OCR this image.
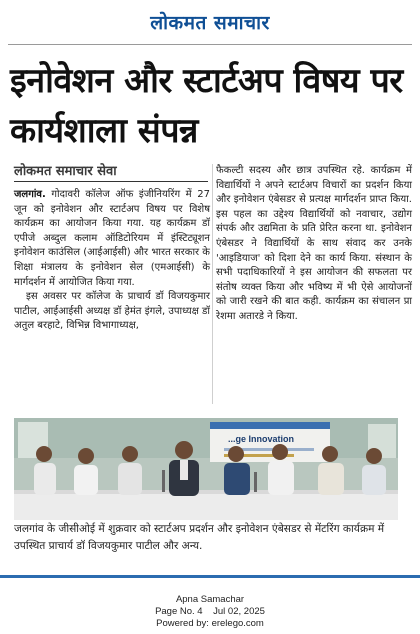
लोकमत समाचार
इनोवेशन और स्टार्टअप विषय पर कार्यशाला संपन्न
लोकमत समाचार सेवा

जलगांव. गोदावरी कॉलेज ऑफ इंजीनियरिंग में 27 जून को इनोवेशन और स्टार्टअप विषय पर विशेष कार्यक्रम का आयोजन किया गया. यह कार्यक्रम डॉ एपीजे अब्दुल कलाम ऑडिटोरियम में इंस्टिट्यूशन इनोवेशन काउंसिल (आईआईसी) और भारत सरकार के शिक्षा मंत्रालय के इनोवेशन सेल (एमआईसी) के मार्गदर्शन में आयोजित किया गया.

इस अवसर पर कॉलेज के प्राचार्य डॉ विजयकुमार पाटील, आईआईसी अध्यक्ष डॉ हेमंत इंगले, उपाध्यक्ष डॉ अतुल बरहाटे, विभिन्न विभागाध्यक्ष,

फैकल्टी सदस्य और छात्र उपस्थित रहे. कार्यक्रम में विद्यार्थियों ने अपने स्टार्टअप विचारों का प्रदर्शन किया और इनोवेशन एंबेसडर से प्रत्यक्ष मार्गदर्शन प्राप्त किया. इस पहल का उद्देश्य विद्यार्थियों को नवाचार, उद्योग संपर्क और उद्यमिता के प्रति प्रेरित करना था. इनोवेशन एंबेसडर ने विद्यार्थियों के साथ संवाद कर उनके 'आइडियाज' को दिशा देने का कार्य किया. संस्थान के सभी पदाधिकारियों ने इस आयोजन की सफलता पर संतोष व्यक्त किया और भविष्य में भी ऐसे आयोजनों को जारी रखने की बात कही. कार्यक्रम का संचालन प्रा रेशमा अतारडे ने किया.

...ge Innovation
जलगांव के जीसीओई में शुक्रवार को स्टार्टअप प्रदर्शन और इनोवेशन एंबेसडर से मेंटरिंग कार्यक्रम में उपस्थित प्राचार्य डॉ विजयकुमार पाटील और अन्य.
Apna Samachar
Page No. 4    Jul 02, 2025
Powered by: erelego.com
